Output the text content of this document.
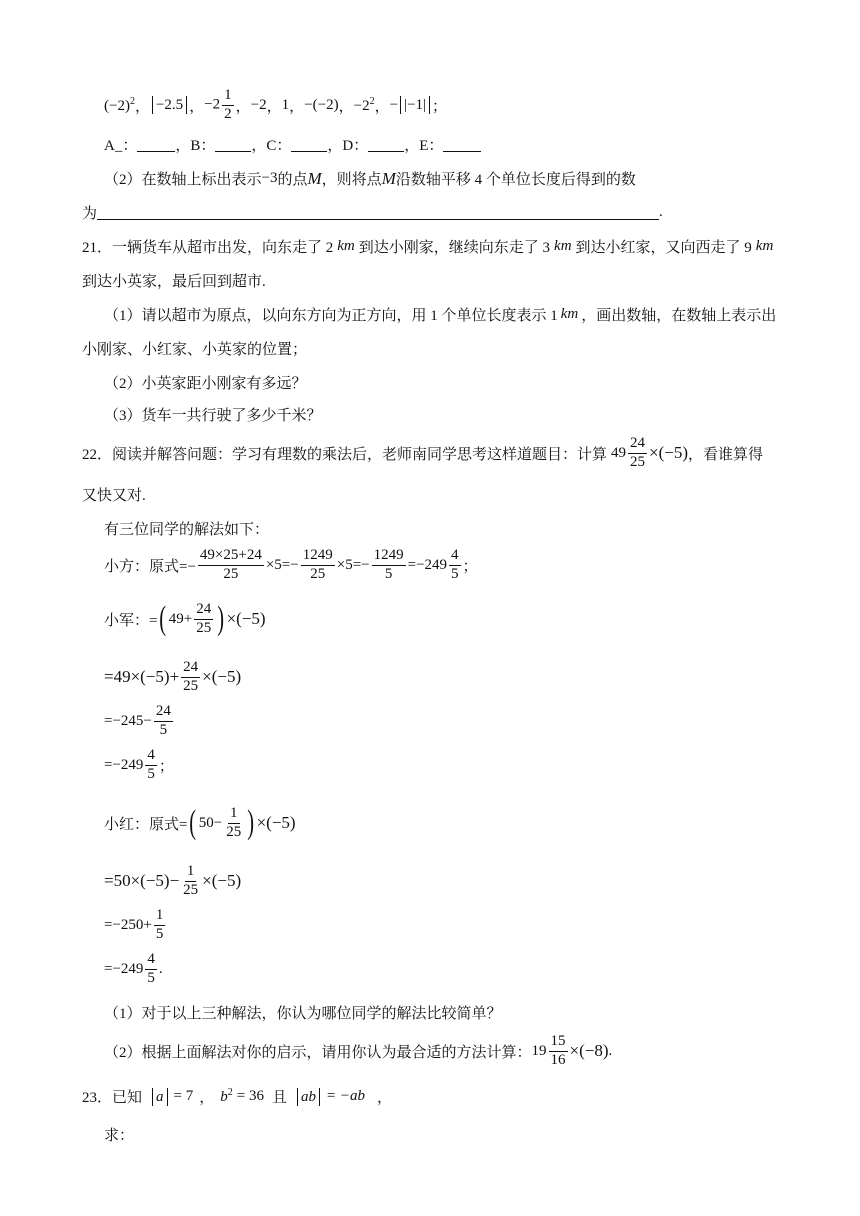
$(-2)^2$ ， −2.5 ， $-2 \frac{1}{2}$ ， −2 ， 1 ， −(−2) ， $-2^2$ ， − |−1| ；
A_：	，B： ，C： ，D： ，E：
（2）在数轴上标出表示 −3 的点 M ，则将点 M 沿数轴平移 4 个单位长度后得到的数
为	.
21．一辆货车从超市出发，向东走了 2 km 到达小刚家，继续向东走了 3 km 到达小红家，又向西走了 9 km
到达小英家，最后回到超市.
（1）请以超市为原点，以向东方向为正方向，用 1 个单位长度表示 1 km ，画出数轴，在数轴上表示出
小刚家、小红家、小英家的位置；
（2）小英家距小刚家有多远？
（3）货车一共行驶了多少千米？
22．阅读并解答问题：学习有理数的乘法后，老师南同学思考这样道题目：计算 $49 \frac{24}{25} \times(-5)$ ，看谁算得
又快又对.
有三位同学的解法如下：
小方：原式=− $\frac{49\times 25+24}{25} \times 5=- \frac{1249}{25} \times 5=- \frac{1249}{5} =-249 \frac{4}{5}$ ；
小军：= ( $49+ \frac{24}{25}$ ) ×(−5)
$=49\times(-5)+ \frac{24}{25} \times(-5)$
$=-245- \frac{24}{5}$
$=-249 \frac{4}{5}$ ；
小红：原式= ( $50- \frac{1}{25}$ ) ×(−5)
$=50\times(-5)- \frac{1}{25} \times(-5)$
$=-250+ \frac{1}{5}$
$=-249 \frac{4}{5}$ .
（1）对于以上三种解法，你认为哪位同学的解法比较简单？
（2）根据上面解法对你的启示，请用你认为最合适的方法计算： $19 \frac{15}{16} \times(-8)$ .
23．已知 a = 7 ， $b^2 = 36$ 且 ab = −ab ，
求：
